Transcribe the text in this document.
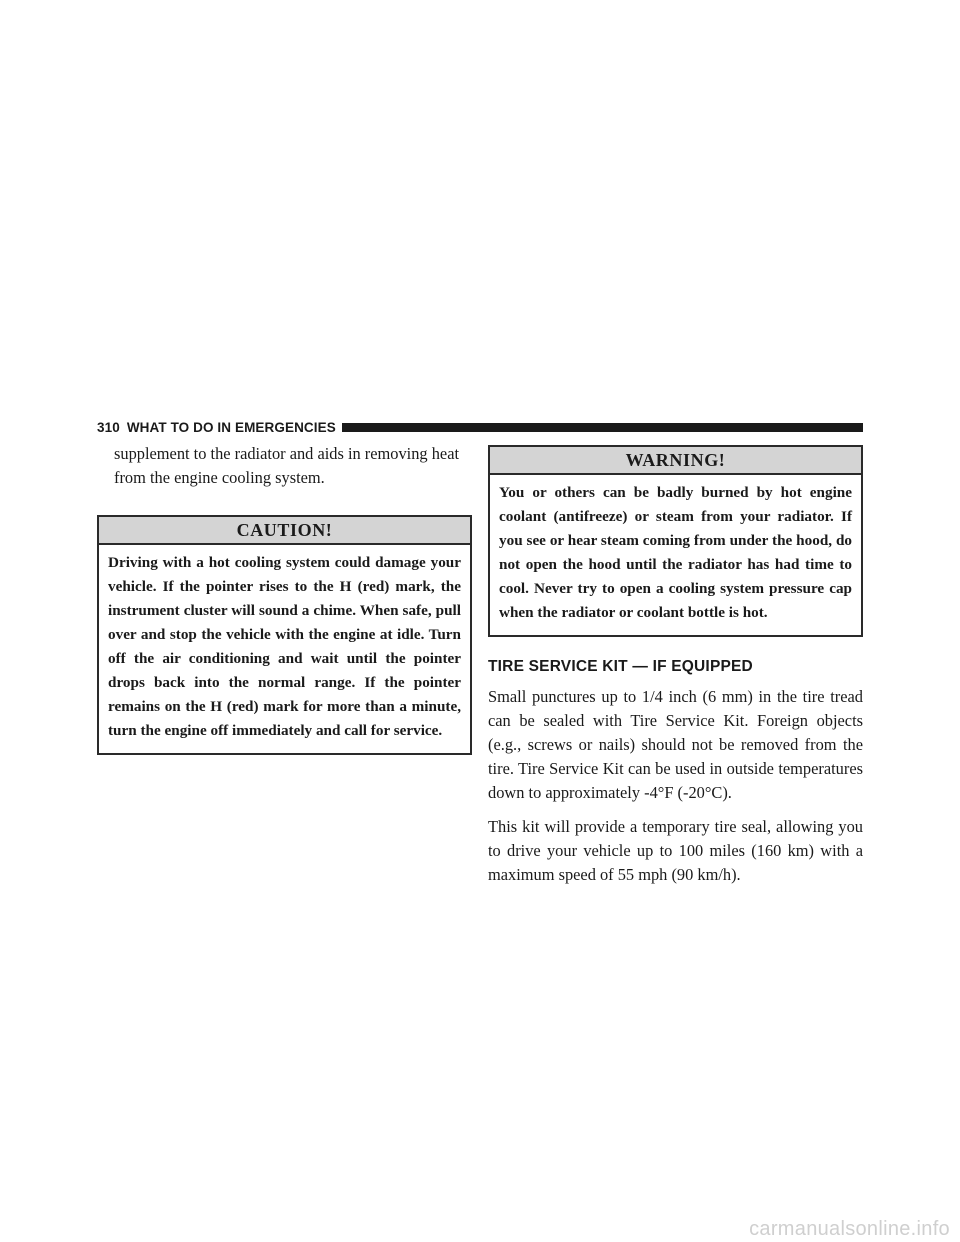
310 WHAT TO DO IN EMERGENCIES

supplement to the radiator and aids in removing heat from the engine cooling system.

CAUTION!
Driving with a hot cooling system could damage your vehicle. If the pointer rises to the H (red) mark, the instrument cluster will sound a chime. When safe, pull over and stop the vehicle with the engine at idle. Turn off the air conditioning and wait until the pointer drops back into the normal range. If the pointer remains on the H (red) mark for more than a minute, turn the engine off immediately and call for service.
WARNING!
You or others can be badly burned by hot engine coolant (antifreeze) or steam from your radiator. If you see or hear steam coming from under the hood, do not open the hood until the radiator has had time to cool. Never try to open a cooling system pressure cap when the radiator or coolant bottle is hot.
TIRE SERVICE KIT — IF EQUIPPED

Small punctures up to 1/4 inch (6 mm) in the tire tread can be sealed with Tire Service Kit. Foreign objects (e.g., screws or nails) should not be removed from the tire. Tire Service Kit can be used in outside temperatures down to approximately -4°F (-20°C).

This kit will provide a temporary tire seal, allowing you to drive your vehicle up to 100 miles (160 km) with a maximum speed of 55 mph (90 km/h).

carmanualsonline.info
